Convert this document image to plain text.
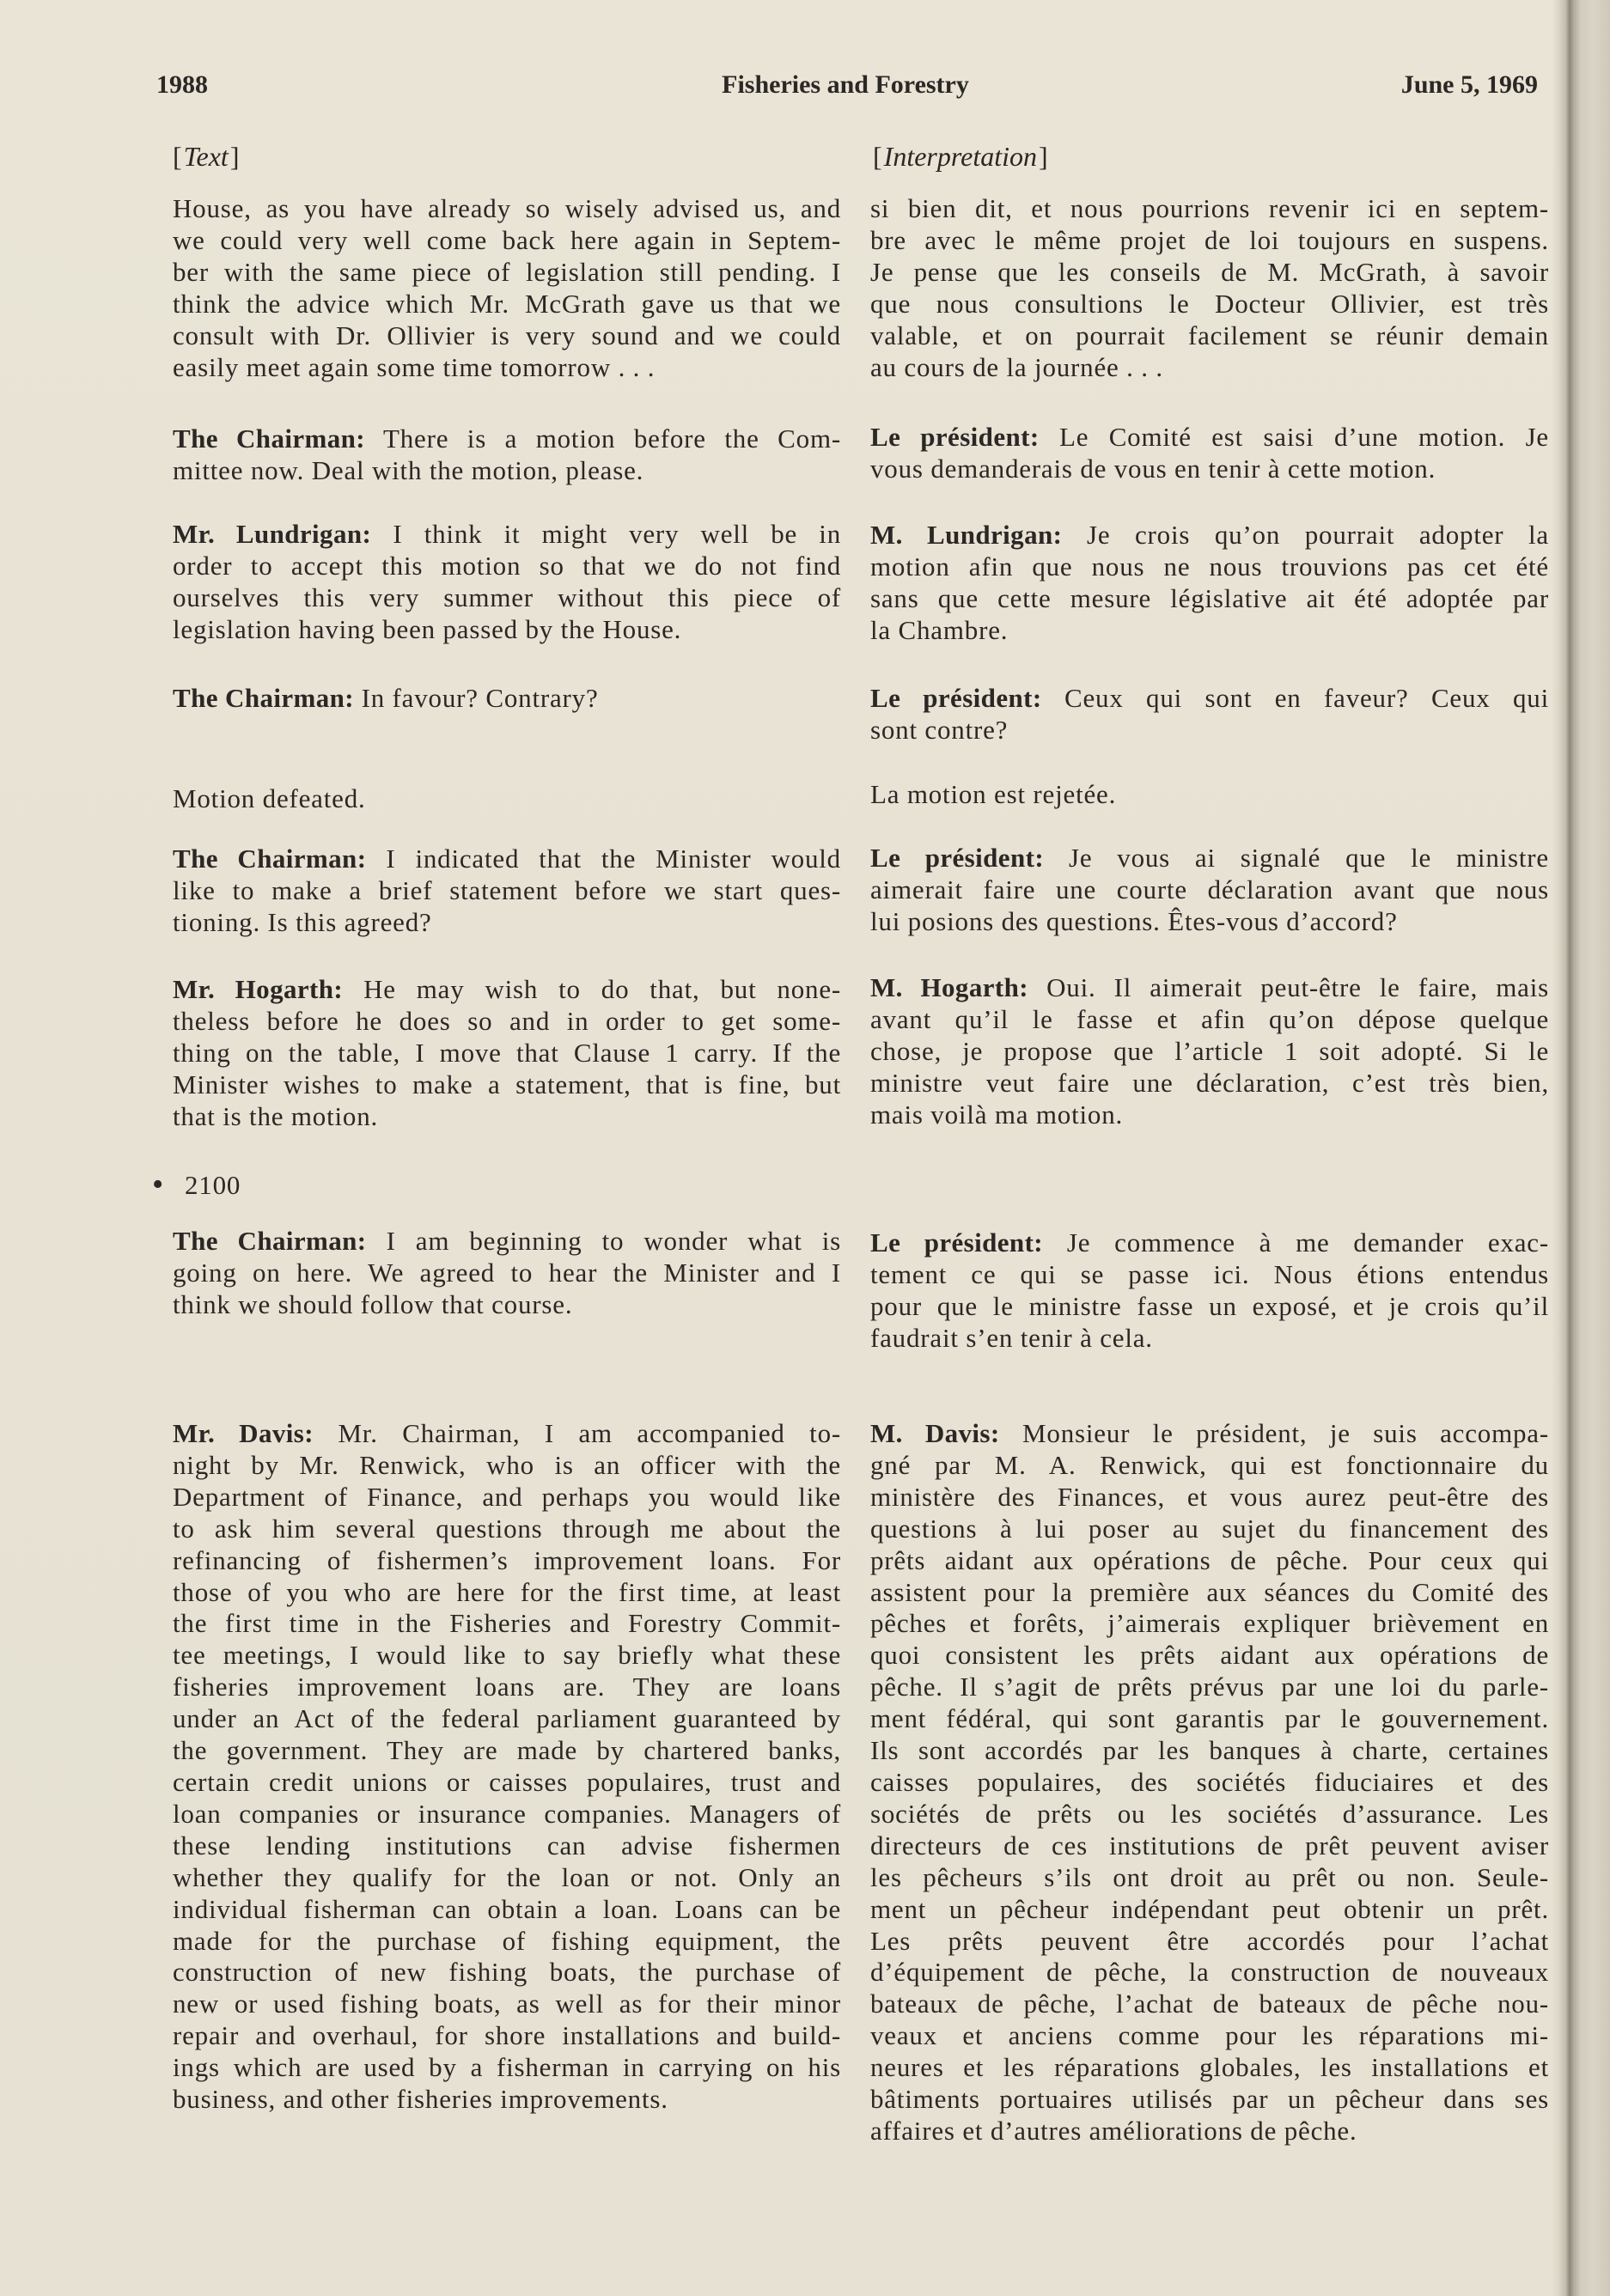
1988	Fisheries and Forestry	June 5, 1969
[Text]	[Interpretation]
House, as you have already so wisely advised us, and
we could very well come back here again in Septem-
ber with the same piece of legislation still pending. I
think the advice which Mr. McGrath gave us that we
consult with Dr. Ollivier is very sound and we could
easily meet again some time tomorrow . . .
The Chairman: There is a motion before the Com-
mittee now. Deal with the motion, please.
Mr. Lundrigan: I think it might very well be in
order to accept this motion so that we do not find
ourselves this very summer without this piece of
legislation having been passed by the House.
The Chairman: In favour? Contrary?
Motion defeated.
The Chairman: I indicated that the Minister would
like to make a brief statement before we start ques-
tioning. Is this agreed?
Mr. Hogarth: He may wish to do that, but none-
theless before he does so and in order to get some-
thing on the table, I move that Clause 1 carry. If the
Minister wishes to make a statement, that is fine, but
that is the motion.
• 2100
The Chairman: I am beginning to wonder what is
going on here. We agreed to hear the Minister and I
think we should follow that course.
Mr. Davis: Mr. Chairman, I am accompanied to-
night by Mr. Renwick, who is an officer with the
Department of Finance, and perhaps you would like
to ask him several questions through me about the
refinancing of fishermen’s improvement loans. For
those of you who are here for the first time, at least
the first time in the Fisheries and Forestry Commit-
tee meetings, I would like to say briefly what these
fisheries improvement loans are. They are loans
under an Act of the federal parliament guaranteed by
the government. They are made by chartered banks,
certain credit unions or caisses populaires, trust and
loan companies or insurance companies. Managers of
these lending institutions can advise fishermen
whether they qualify for the loan or not. Only an
individual fisherman can obtain a loan. Loans can be
made for the purchase of fishing equipment, the
construction of new fishing boats, the purchase of
new or used fishing boats, as well as for their minor
repair and overhaul, for shore installations and build-
ings which are used by a fisherman in carrying on his
business, and other fisheries improvements.
si bien dit, et nous pourrions revenir ici en septem-
bre avec le même projet de loi toujours en suspens.
Je pense que les conseils de M. McGrath, à savoir
que nous consultions le Docteur Ollivier, est très
valable, et on pourrait facilement se réunir demain
au cours de la journée . . .
Le président: Le Comité est saisi d’une motion. Je
vous demanderais de vous en tenir à cette motion.
M. Lundrigan: Je crois qu’on pourrait adopter la
motion afin que nous ne nous trouvions pas cet été
sans que cette mesure législative ait été adoptée par
la Chambre.
Le président: Ceux qui sont en faveur? Ceux qui
sont contre?
La motion est rejetée.
Le président: Je vous ai signalé que le ministre
aimerait faire une courte déclaration avant que nous
lui posions des questions. Êtes-vous d’accord?
M. Hogarth: Oui. Il aimerait peut-être le faire, mais
avant qu’il le fasse et afin qu’on dépose quelque
chose, je propose que l’article 1 soit adopté. Si le
ministre veut faire une déclaration, c’est très bien,
mais voilà ma motion.
Le président: Je commence à me demander exac-
tement ce qui se passe ici. Nous étions entendus
pour que le ministre fasse un exposé, et je crois qu’il
faudrait s’en tenir à cela.
M. Davis: Monsieur le président, je suis accompa-
gné par M. A. Renwick, qui est fonctionnaire du
ministère des Finances, et vous aurez peut-être des
questions à lui poser au sujet du financement des
prêts aidant aux opérations de pêche. Pour ceux qui
assistent pour la première aux séances du Comité des
pêches et forêts, j’aimerais expliquer brièvement en
quoi consistent les prêts aidant aux opérations de
pêche. Il s’agit de prêts prévus par une loi du parle-
ment fédéral, qui sont garantis par le gouvernement.
Ils sont accordés par les banques à charte, certaines
caisses populaires, des sociétés fiduciaires et des
sociétés de prêts ou les sociétés d’assurance. Les
directeurs de ces institutions de prêt peuvent aviser
les pêcheurs s’ils ont droit au prêt ou non. Seule-
ment un pêcheur indépendant peut obtenir un prêt.
Les prêts peuvent être accordés pour l’achat
d’équipement de pêche, la construction de nouveaux
bateaux de pêche, l’achat de bateaux de pêche nou-
veaux et anciens comme pour les réparations mi-
neures et les réparations globales, les installations et
bâtiments portuaires utilisés par un pêcheur dans ses
affaires et d’autres améliorations de pêche.
